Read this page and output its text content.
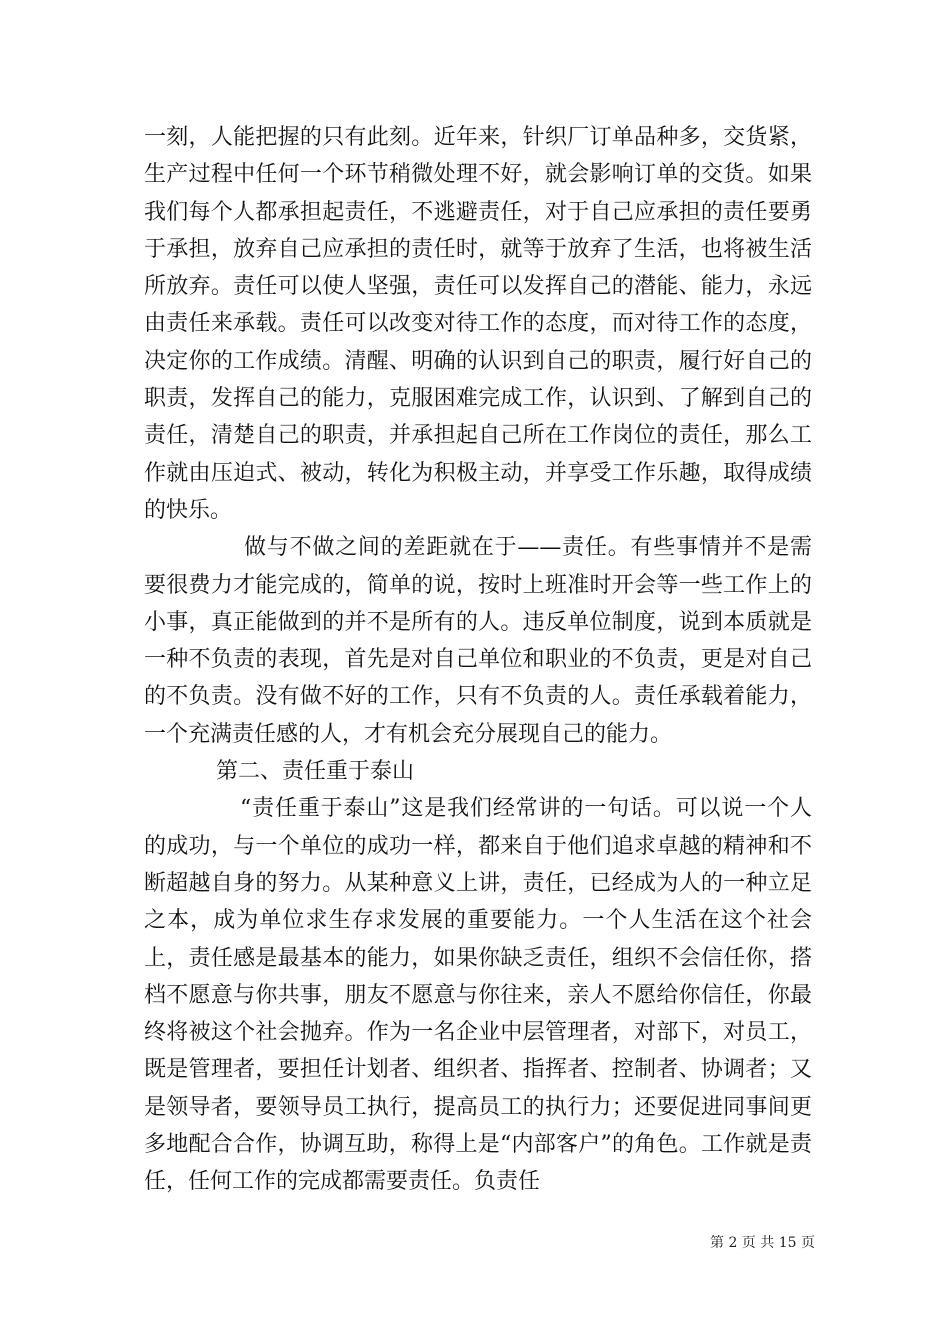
一刻，人能把握的只有此刻。近年来，针织厂订单品种多，交货紧，生产过程中任何一个环节稍微处理不好，就会影响订单的交货。如果我们每个人都承担起责任，不逃避责任，对于自己应承担的责任要勇于承担，放弃自己应承担的责任时，就等于放弃了生活，也将被生活所放弃。责任可以使人坚强，责任可以发挥自己的潜能、能力，永远由责任来承载。责任可以改变对待工作的态度，而对待工作的态度，决定你的工作成绩。清醒、明确的认识到自己的职责，履行好自己的职责，发挥自己的能力，克服困难完成工作，认识到、了解到自己的责任，清楚自己的职责，并承担起自己所在工作岗位的责任，那么工作就由压迫式、被动，转化为积极主动，并享受工作乐趣，取得成绩的快乐。

做与不做之间的差距就在于——责任。有些事情并不是需要很费力才能完成的，简单的说，按时上班准时开会等一些工作上的小事，真正能做到的并不是所有的人。违反单位制度，说到本质就是一种不负责的表现，首先是对自己单位和职业的不负责，更是对自己的不负责。没有做不好的工作，只有不负责的人。责任承载着能力，一个充满责任感的人，才有机会充分展现自己的能力。

第二、责任重于泰山

“责任重于泰山”这是我们经常讲的一句话。可以说一个人的成功，与一个单位的成功一样，都来自于他们追求卓越的精神和不断超越自身的努力。从某种意义上讲，责任，已经成为人的一种立足之本，成为单位求生存求发展的重要能力。一个人生活在这个社会上，责任感是最基本的能力，如果你缺乏责任，组织不会信任你，搭档不愿意与你共事，朋友不愿意与你往来，亲人不愿给你信任，你最终将被这个社会抛弃。作为一名企业中层管理者，对部下，对员工，既是管理者，要担任计划者、组织者、指挥者、控制者、协调者；又是领导者，要领导员工执行，提高员工的执行力；还要促进同事间更多地配合合作，协调互助，称得上是“内部客户”的角色。工作就是责任，任何工作的完成都需要责任。负责任

第 2 页 共 15 页
